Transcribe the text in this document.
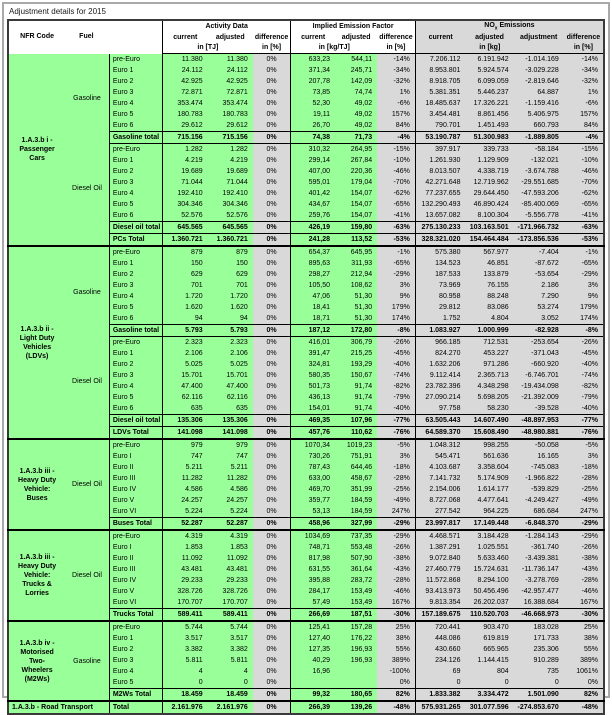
Adjustment details for 2015
NFR Code	Fuel		Activity Data			Implied Emission Factor			$NO_x$ Emissions			
			current	adjusted	difference	current	adjusted	difference	current	adjusted	adjustment	difference
			in [TJ]		in [%]	in [kg/TJ]		in [%]	in [kg]			in [%]
1.A.3.b i -
Passenger
Cars	Gasoline	pre-Euro	11.380	11.380	0%	633,23	544,11	-14%	7.206.112	6.191.942	-1.014.169	-14%
		Euro 1	24.112	24.112	0%	371,34	245,71	-34%	8.953.801	5.924.574	-3.029.228	-34%
		Euro 2	42.925	42.925	0%	207,78	142,09	-32%	8.918.705	6.099.059	-2.819.646	-32%
		Euro 3	72.871	72.871	0%	73,85	74,74	1%	5.381.351	5.446.237	64.887	1%
		Euro 4	353.474	353.474	0%	52,30	49,02	-6%	18.485.637	17.326.221	-1.159.416	-6%
		Euro 5	180.783	180.783	0%	19,11	49,02	157%	3.454.481	8.861.456	5.406.975	157%
		Euro 6	29.612	29.612	0%	26,70	49,02	84%	790.701	1.451.493	660.793	84%
		Gasoline total	715.156	715.156	0%	74,38	71,73	-4%	53.190.787	51.300.983	-1.889.805	-4%
	Diesel Oil	pre-Euro	1.282	1.282	0%	310,32	264,95	-15%	397.917	339.733	-58.184	-15%
		Euro 1	4.219	4.219	0%	299,14	267,84	-10%	1.261.930	1.129.909	-132.021	-10%
		Euro 2	19.689	19.689	0%	407,00	220,36	-46%	8.013.507	4.338.719	-3.674.788	-46%
		Euro 3	71.044	71.044	0%	595,01	179,04	-70%	42.271.648	12.719.962	-29.551.685	-70%
		Euro 4	192.410	192.410	0%	401,42	154,07	-62%	77.237.655	29.644.450	-47.593.206	-62%
		Euro 5	304.346	304.346	0%	434,67	154,07	-65%	132.290.493	46.890.424	-85.400.069	-65%
		Euro 6	52.576	52.576	0%	259,76	154,07	-41%	13.657.082	8.100.304	-5.556.778	-41%
		Diesel oil total	645.565	645.565	0%	426,19	159,80	-63%	275.130.233	103.163.501	-171.966.732	-63%
		PCs Total	1.360.721	1.360.721	0%	241,28	113,52	-53%	328.321.020	154.464.484	-173.856.536	-53%
1.A.3.b ii -
Light Duty
Vehicles
(LDVs)	Gasoline	pre-Euro	879	879	0%	654,37	645,95	-1%	575.380	567.977	-7.404	-1%
		Euro 1	150	150	0%	895,63	311,93	-65%	134.523	46.851	-87.672	-65%
		Euro 2	629	629	0%	298,27	212,94	-29%	187.533	133.879	-53.654	-29%
		Euro 3	701	701	0%	105,50	108,62	3%	73.969	76.155	2.186	3%
		Euro 4	1.720	1.720	0%	47,06	51,30	9%	80.958	88.248	7.290	9%
		Euro 5	1.620	1.620	0%	18,41	51,30	179%	29.812	83.086	53.274	179%
		Euro 6	94	94	0%	18,71	51,30	174%	1.752	4.804	3.052	174%
		Gasoline total	5.793	5.793	0%	187,12	172,80	-8%	1.083.927	1.000.999	-82.928	-8%
	Diesel Oil	pre-Euro	2.323	2.323	0%	416,01	306,79	-26%	966.185	712.531	-253.654	-26%
		Euro 1	2.106	2.106	0%	391,47	215,25	-45%	824.270	453.227	-371.043	-45%
		Euro 2	5.025	5.025	0%	324,81	193,29	-40%	1.632.206	971.286	-660.920	-40%
		Euro 3	15.701	15.701	0%	580,35	150,67	-74%	9.112.414	2.365.713	-6.746.701	-74%
		Euro 4	47.400	47.400	0%	501,73	91,74	-82%	23.782.396	4.348.298	-19.434.098	-82%
		Euro 5	62.116	62.116	0%	436,13	91,74	-79%	27.090.214	5.698.205	-21.392.009	-79%
		Euro 6	635	635	0%	154,01	91,74	-40%	97.758	58.230	-39.528	-40%
		Diesel oil total	135.306	135.306	0%	469,35	107,96	-77%	63.505.443	14.607.490	-48.897.953	-77%
		LDVs Total	141.098	141.098	0%	457,76	110,62	-76%	64.589.370	15.608.490	-48.980.881	-76%
1.A.3.b iii -
Heavy Duty
Vehicle:
Buses	Diesel Oil	pre-Euro	979	979	0%	1070,34	1019,23	-5%	1.048.312	998.255	-50.058	-5%
		Euro I	747	747	0%	730,26	751,91	3%	545.471	561.636	16.165	3%
		Euro II	5.211	5.211	0%	787,43	644,46	-18%	4.103.687	3.358.604	-745.083	-18%
		Euro III	11.282	11.282	0%	633,00	458,67	-28%	7.141.732	5.174.909	-1.966.822	-28%
		Euro IV	4.586	4.586	0%	469,70	351,99	-25%	2.154.006	1.614.177	-539.829	-25%
		Euro V	24.257	24.257	0%	359,77	184,59	-49%	8.727.068	4.477.641	-4.249.427	-49%
		Euro VI	5.224	5.224	0%	53,13	184,59	247%	277.542	964.225	686.684	247%
		Buses Total	52.287	52.287	0%	458,96	327,99	-29%	23.997.817	17.149.448	-6.848.370	-29%
1.A.3.b iii -
Heavy Duty
Vehicle:
Trucks &
Lorries	Diesel Oil	pre-Euro	4.319	4.319	0%	1034,69	737,35	-29%	4.468.571	3.184.428	-1.284.143	-29%
		Euro I	1.853	1.853	0%	748,71	553,48	-26%	1.387.291	1.025.551	-361.740	-26%
		Euro II	11.092	11.092	0%	817,98	507,90	-38%	9.072.840	5.633.460	-3.439.381	-38%
		Euro III	43.481	43.481	0%	631,55	361,64	-43%	27.460.779	15.724.631	-11.736.147	-43%
		Euro IV	29.233	29.233	0%	395,88	283,72	-28%	11.572.868	8.294.100	-3.278.769	-28%
		Euro V	328.726	328.726	0%	284,17	153,49	-46%	93.413.973	50.456.496	-42.957.477	-46%
		Euro VI	170.707	170.707	0%	57,49	153,49	167%	9.813.354	26.202.037	16.388.684	167%
		Trucks Total	589.411	589.411	0%	266,69	187,51	-30%	157.189.675	110.520.703	-46.668.973	-30%
1.A.3.b iv -
Motorised
Two-
Wheelers
(M2Ws)	Gasoline	pre-Euro	5.744	5.744	0%	125,41	157,28	25%	720.441	903.470	183.028	25%
		Euro 1	3.517	3.517	0%	127,40	176,22	38%	448.086	619.819	171.733	38%
		Euro 2	3.382	3.382	0%	127,35	196,93	55%	430.660	665.965	235.306	55%
		Euro 3	5.811	5.811	0%	40,29	196,93	389%	234.126	1.144.415	910.289	389%
		Euro 4	4	4	0%	16,96		-100%	69	804	735	1061%
		Euro 5	0	0	0%			0%	0	0	0	0%
		M2Ws Total	18.459	18.459	0%	99,32	180,65	82%	1.833.382	3.334.472	1.501.090	82%
1.A.3.b - Road Transport		Total	2.161.976	2.161.976	0%	266,39	139,26	-48%	575.931.265	301.077.596	-274.853.670	-48%
